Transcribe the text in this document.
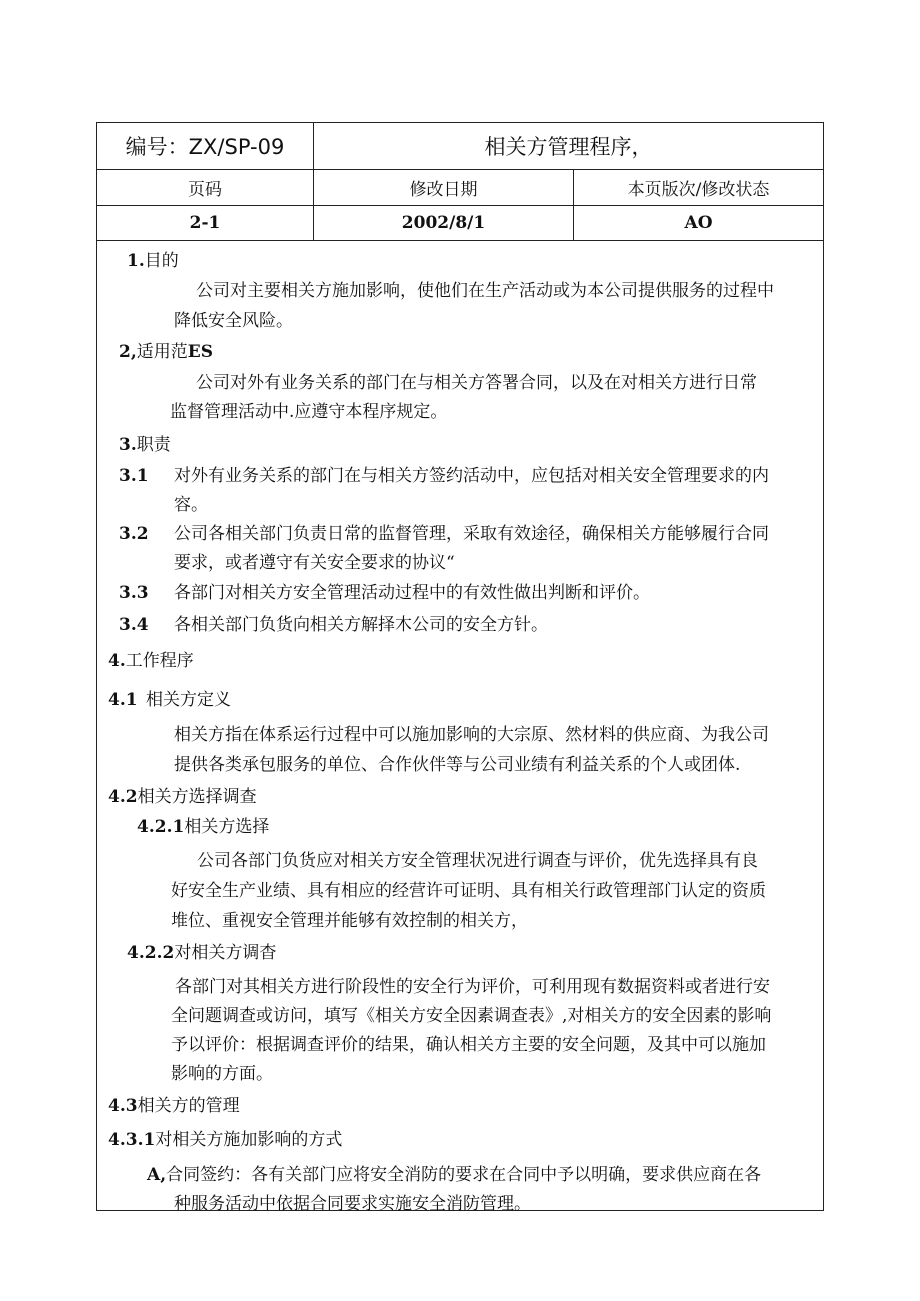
编号：ZX/SP-09	相关方管理程序，	
页码	修改日期	本页版次/修改状态
2-1	2002/8/1	AO
1.目的
公司对主要相关方施加影响，使他们在生产活动或为本公司提供服务的过程中
降低安全风险。
2,适用范ES
公司对外有业务关系的部门在与相关方答署合同，以及在对相关方进行日常
监督管理活动中.应遵守本程序规定。
3.职责
3.1 对外有业务关系的部门在与相关方签约活动中，应包括对相关安全管理要求的内
容。
3.2 公司各相关部门负责日常的监督管理，采取有效途径，确保相关方能够履行合同
要求，或者遵守有关安全要求的协议“
3.3 各部门对相关方安全管理活动过程中的有效性做出判断和评价。
3.4 各相关部门负货向相关方解择木公司的安全方针。
4.工作程序
4.1 相关方定义
相关方指在体系运行过程中可以施加影响的大宗原、然材料的供应商、为我公司
提供各类承包服务的单位、合作伙伴等与公司业绩有利益关系的个人或团体.
4.2相关方选择调查
4.2.1相关方选择
公司各部门负货应对相关方安全管理状况进行调查与评价，优先选择具有良
好安全生产业绩、具有相应的经营许可证明、具有相关行政管理部门认定的资质
堆位、重视安全管理并能够有效控制的相关方，
4.2.2对相关方调杳
各部门对其相关方进行阶段性的安全行为评价，可利用现有数据资料或者进行安
全问题调查或访问，填写《相关方安全因素调查表》,对相关方的安全因素的影响
予以评价：根据调查评价的结果，确认相关方主要的安全问题，及其中可以施加
影响的方面。
4.3相关方的管理
4.3.1对相关方施加影响的方式
A,合同签约：各有关部门应将安全消防的要求在合同中予以明确，要求供应商在各
种服务活动中依据合同要求实施安全消防管理。
